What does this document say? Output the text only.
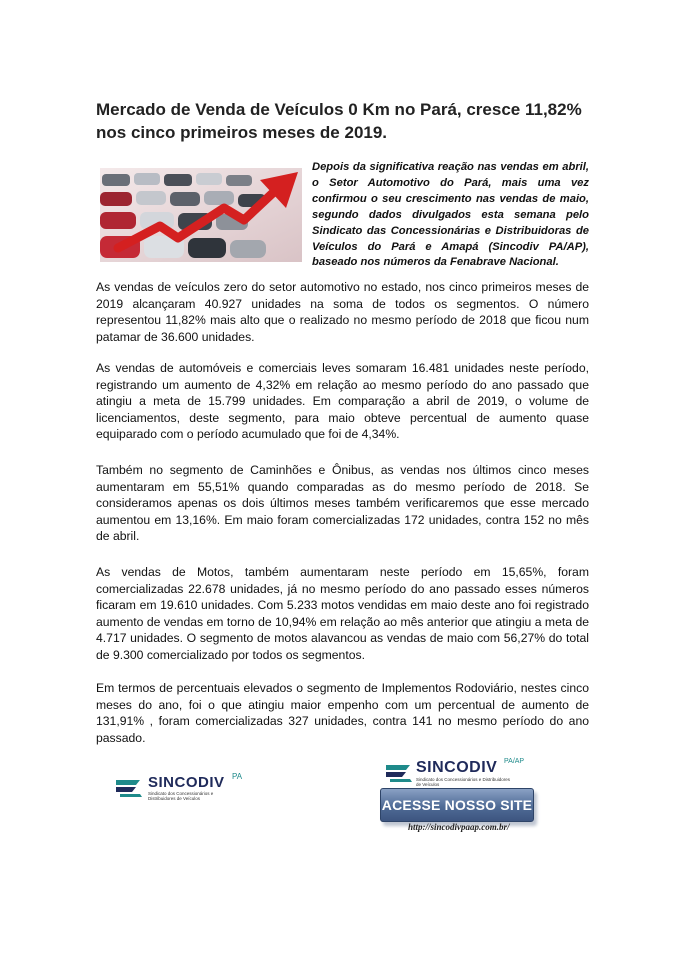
Mercado de Venda de Veículos 0 Km no Pará, cresce 11,82% nos cinco primeiros meses de 2019.
Depois da significativa reação nas vendas em abril, o Setor Automotivo do Pará, mais uma vez confirmou o seu crescimento nas vendas de maio, segundo dados divulgados esta semana pelo Sindicato das Concessionárias e Distribuidoras de Veículos do Pará e Amapá (Sincodiv PA/AP), baseado nos números da Fenabrave Nacional.

As vendas de veículos zero do setor automotivo no estado, nos cinco primeiros meses de 2019 alcançaram 40.927 unidades na soma de todos os segmentos. O número representou 11,82% mais alto que o realizado no mesmo período de 2018 que ficou num patamar de 36.600 unidades.

As vendas de automóveis e comerciais leves somaram 16.481 unidades neste período, registrando um aumento de 4,32% em relação ao mesmo período do ano passado que atingiu a meta de 15.799 unidades. Em comparação a abril de 2019, o volume de licenciamentos, deste segmento, para maio obteve percentual de aumento quase equiparado com o período acumulado que foi de 4,34%.

Também no segmento de Caminhões e Ônibus, as vendas nos últimos cinco meses aumentaram em 55,51% quando comparadas as do mesmo período de 2018. Se consideramos apenas os dois últimos meses também verificaremos que esse mercado aumentou em 13,16%. Em maio foram comercializadas 172 unidades, contra 152 no mês de abril.

As vendas de Motos, também aumentaram neste período em 15,65%, foram comercializadas 22.678 unidades, já no mesmo período do ano passado esses números ficaram em 19.610 unidades. Com 5.233 motos vendidas em maio deste ano foi registrado aumento de vendas em torno de 10,94% em relação ao mês anterior que atingiu a meta de 4.717 unidades. O segmento de motos alavancou as vendas de maio com 56,27% do total de 9.300 comercializado por todos os segmentos.

Em termos de percentuais elevados o segmento de Implementos Rodoviário, nestes cinco meses do ano, foi o que atingiu maior empenho com um percentual de aumento de 131,91% , foram comercializadas 327 unidades, contra 141 no mesmo período do ano passado.

SINCODIV PA
Sindicato dos Concessionários e Distribuidores de Veículos
SINCODIV PA/AP
Sindicato dos Concessionários e Distribuidores de Veículos
ACESSE NOSSO SITE
http://sincodivpaap.com.br/
